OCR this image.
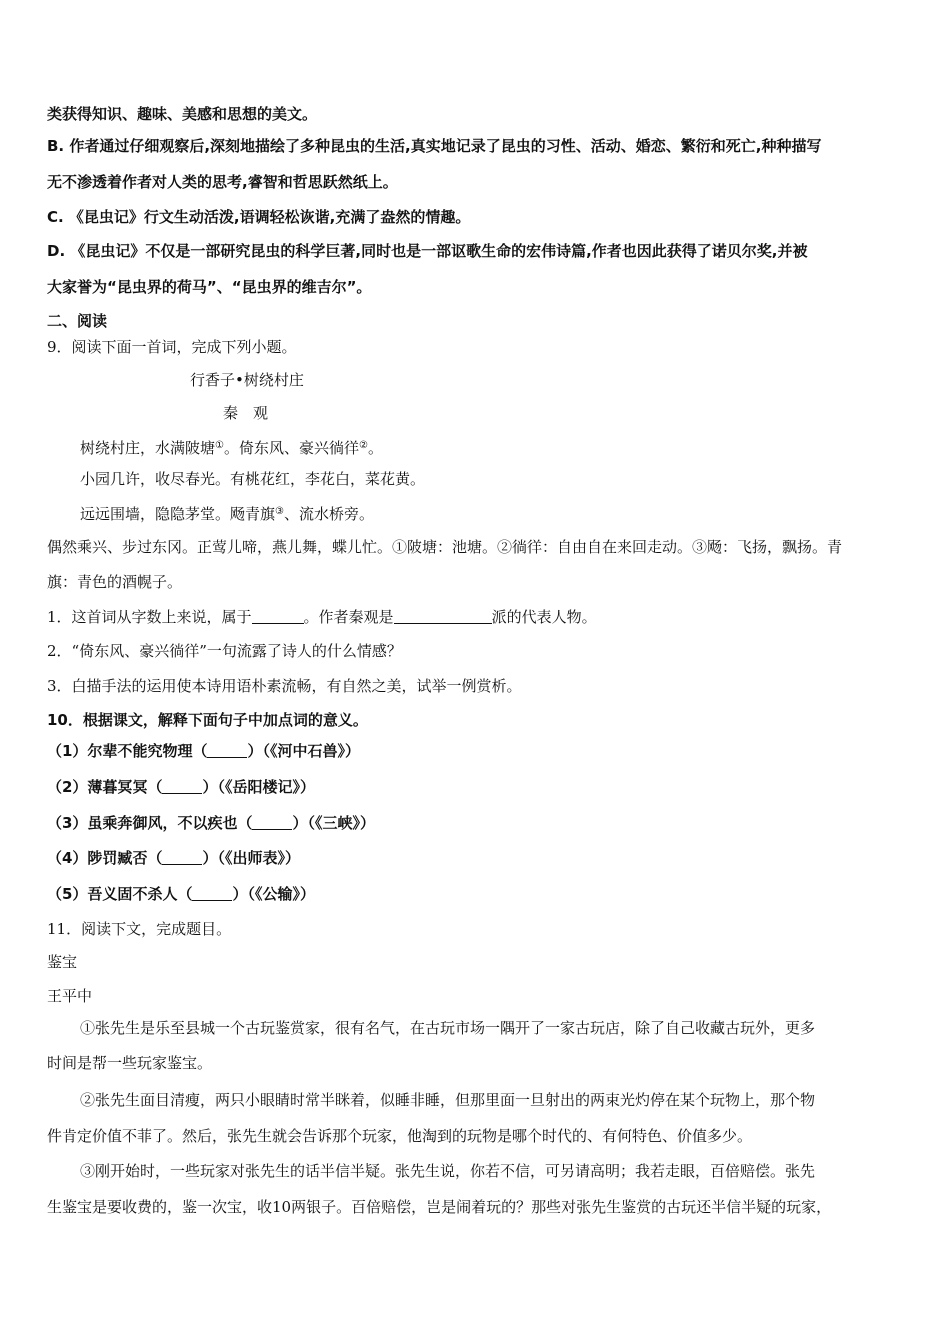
类获得知识、趣味、美感和思想的美文。
B. 作者通过仔细观察后,深刻地描绘了多种昆虫的生活,真实地记录了昆虫的习性、活动、婚恋、繁衍和死亡,种种描写
无不渗透着作者对人类的思考,睿智和哲思跃然纸上。
C. 《昆虫记》行文生动活泼,语调轻松诙谐,充满了盎然的情趣。
D. 《昆虫记》不仅是一部研究昆虫的科学巨著,同时也是一部讴歌生命的宏伟诗篇,作者也因此获得了诺贝尔奖,并被
大家誉为“昆虫界的荷马”、“昆虫界的维吉尔”。
二、阅读
9．阅读下面一首词，完成下列小题。
行香子•树绕村庄
秦　观
树绕村庄，水满陂塘①。倚东风、豪兴徜徉②。
小园几许，收尽春光。有桃花红，李花白，菜花黄。
远远围墙，隐隐茅堂。飏青旗③、流水桥旁。
偶然乘兴、步过东冈。正莺儿啼，燕儿舞，蝶儿忙。①陂塘：池塘。②徜徉：自由自在来回走动。③飏：飞扬，飘扬。青
旗：青色的酒幌子。
1．这首词从字数上来说，属于	。作者秦观是	派的代表人物。
2．“倚东风、豪兴徜徉”一句流露了诗人的什么情感？
3．白描手法的运用使本诗用语朴素流畅，有自然之美，试举一例赏析。
10．根据课文，解释下面句子中加点词的意义。
（1）尔辈不能究物理（	）（《河中石兽》）
（2）薄暮冥冥（	）（《岳阳楼记》）
（3）虽乘奔御风，不以疾也（	）（《三峡》）
（4）陟罚臧否（	）（《出师表》）
（5）吾义固不杀人（	）（《公输》）
11．阅读下文，完成题目。
鉴宝
王平中
①张先生是乐至县城一个古玩鉴赏家，很有名气，在古玩市场一隅开了一家古玩店，除了自己收藏古玩外，更多
时间是帮一些玩家鉴宝。
②张先生面目清瘦，两只小眼睛时常半眯着，似睡非睡，但那里面一旦射出的两束光灼停在某个玩物上，那个物
件肯定价值不菲了。然后，张先生就会告诉那个玩家，他淘到的玩物是哪个时代的、有何特色、价值多少。
③刚开始时，一些玩家对张先生的话半信半疑。张先生说，你若不信，可另请高明；我若走眼，百倍赔偿。张先
生鉴宝是要收费的，鉴一次宝，收10两银子。百倍赔偿，岂是闹着玩的？那些对张先生鉴赏的古玩还半信半疑的玩家，
